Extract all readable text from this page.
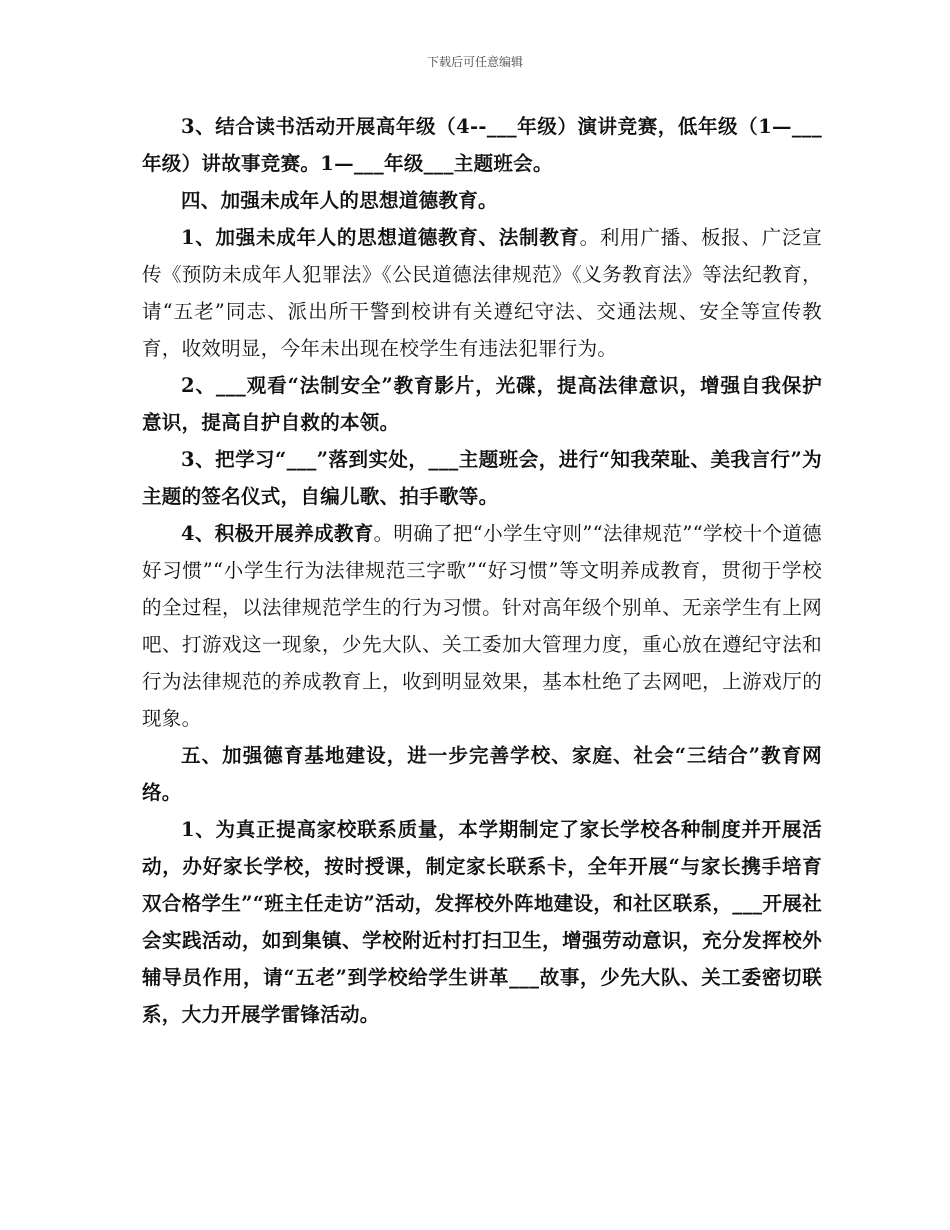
下载后可任意编辑

3、结合读书活动开展高年级（4--___年级）演讲竞赛，低年级（1—___年级）讲故事竞赛。1—___年级___主题班会。

四、加强未成年人的思想道德教育。

1、加强未成年人的思想道德教育、法制教育。利用广播、板报、广泛宣传《预防未成年人犯罪法》《公民道德法律规范》《义务教育法》等法纪教育，请“五老”同志、派出所干警到校讲有关遵纪守法、交通法规、安全等宣传教育，收效明显，今年未出现在校学生有违法犯罪行为。

2、___观看“法制安全”教育影片，光碟，提高法律意识，增强自我保护意识，提高自护自救的本领。

3、把学习“___”落到实处，___主题班会，进行“知我荣耻、美我言行”为主题的签名仪式，自编儿歌、拍手歌等。

4、积极开展养成教育。明确了把“小学生守则”“法律规范”“学校十个道德好习惯”“小学生行为法律规范三字歌”“好习惯”等文明养成教育，贯彻于学校的全过程，以法律规范学生的行为习惯。针对高年级个别单、无亲学生有上网吧、打游戏这一现象，少先大队、关工委加大管理力度，重心放在遵纪守法和行为法律规范的养成教育上，收到明显效果，基本杜绝了去网吧，上游戏厅的现象。

五、加强德育基地建设，进一步完善学校、家庭、社会“三结合”教育网络。

1、为真正提高家校联系质量，本学期制定了家长学校各种制度并开展活动，办好家长学校，按时授课，制定家长联系卡，全年开展“与家长携手培育双合格学生”“班主任走访”活动，发挥校外阵地建设，和社区联系，___开展社会实践活动，如到集镇、学校附近村打扫卫生，增强劳动意识，充分发挥校外辅导员作用，请“五老”到学校给学生讲革___故事，少先大队、关工委密切联系，大力开展学雷锋活动。
